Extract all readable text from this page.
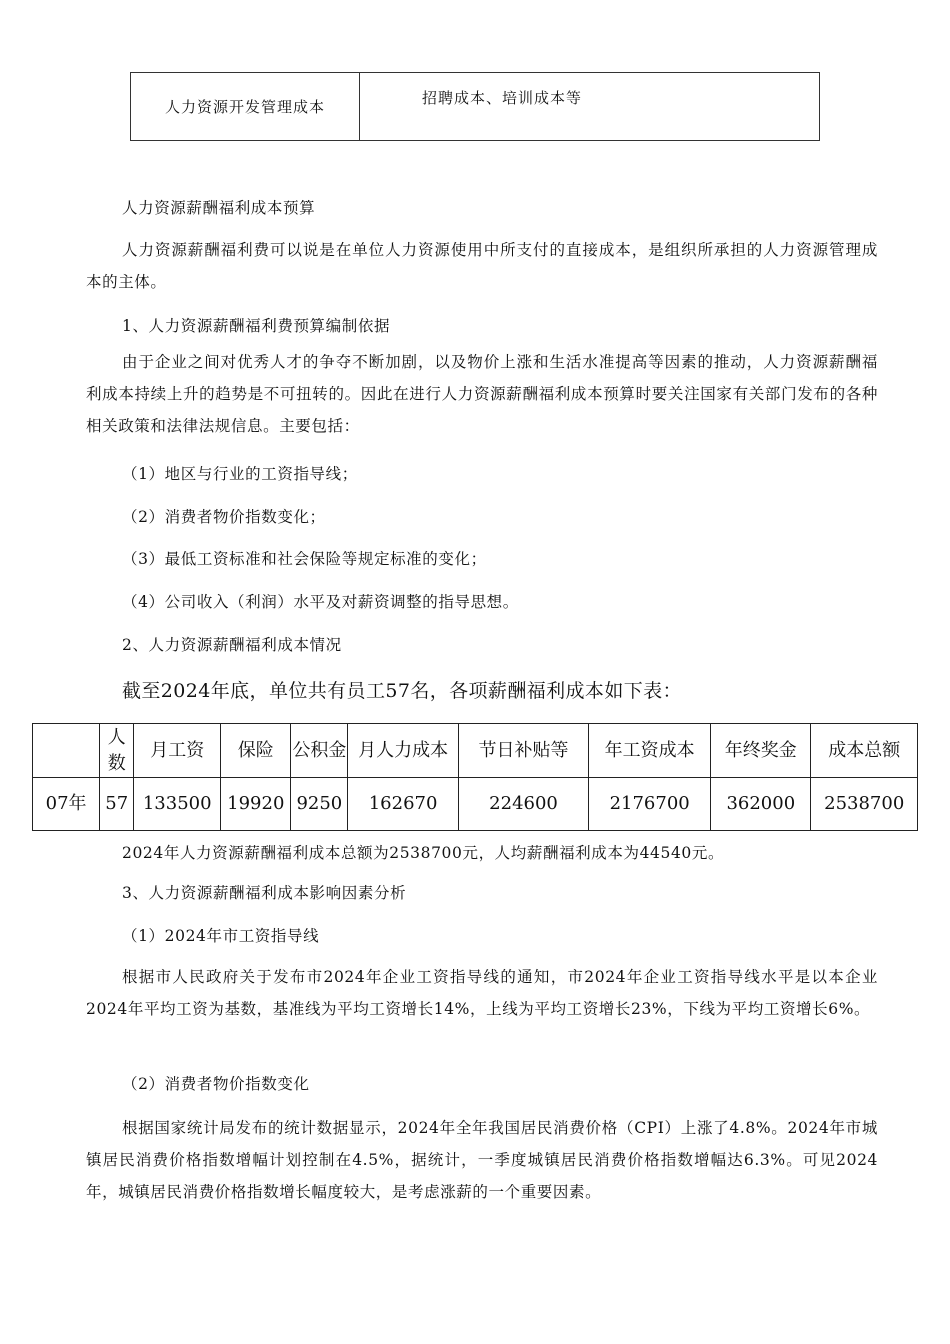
人力资源开发管理成本	招聘成本、培训成本等
人力资源薪酬福利成本预算
人力资源薪酬福利费可以说是在单位人力资源使用中所支付的直接成本，是组织所承担的人力资源管理成本的主体。
1、人力资源薪酬福利费预算编制依据
由于企业之间对优秀人才的争夺不断加剧，以及物价上涨和生活水准提高等因素的推动，人力资源薪酬福利成本持续上升的趋势是不可扭转的。因此在进行人力资源薪酬福利成本预算时要关注国家有关部门发布的各种相关政策和法律法规信息。主要包括：
（1）地区与行业的工资指导线；
（2）消费者物价指数变化；
（3）最低工资标准和社会保险等规定标准的变化；
（4）公司收入（利润）水平及对薪资调整的指导思想。
2、人力资源薪酬福利成本情况
截至2024年底，单位共有员工57名，各项薪酬福利成本如下表：
	人数	月工资	保险	公积金	月人力成本	节日补贴等	年工资成本	年终奖金	成本总额
07年	57	133500	19920	9250	162670	224600	2176700	362000	2538700
2024年人力资源薪酬福利成本总额为2538700元，人均薪酬福利成本为44540元。
3、人力资源薪酬福利成本影响因素分析
（1）2024年市工资指导线
根据市人民政府关于发布市2024年企业工资指导线的通知，市2024年企业工资指导线水平是以本企业2024年平均工资为基数，基准线为平均工资增长14%，上线为平均工资增长23%，下线为平均工资增长6%。
（2）消费者物价指数变化
根据国家统计局发布的统计数据显示，2024年全年我国居民消费价格（CPI）上涨了4.8%。2024年市城镇居民消费价格指数增幅计划控制在4.5%，据统计，一季度城镇居民消费价格指数增幅达6.3%。可见2024年，城镇居民消费价格指数增长幅度较大，是考虑涨薪的一个重要因素。
